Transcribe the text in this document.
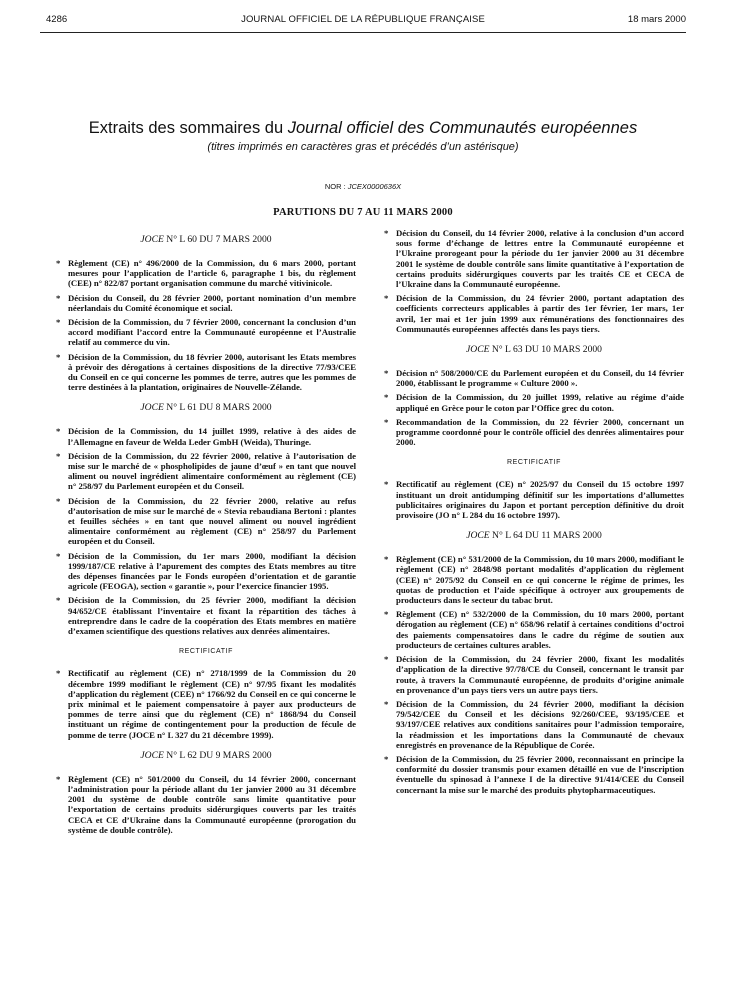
4286	JOURNAL OFFICIEL DE LA RÉPUBLIQUE FRANÇAISE	18 mars 2000
Extraits des sommaires du Journal officiel des Communautés européennes
(titres imprimés en caractères gras et précédés d’un astérisque)
NOR : JCEX0000636X
PARUTIONS DU 7 AU 11 MARS 2000
JOCE N° L 60 DU 7 MARS 2000
* Règlement (CE) n° 496/2000 de la Commission, du 6 mars 2000, portant mesures pour l’application de l’article 6, paragraphe 1 bis, du règlement (CEE) n° 822/87 portant organisation commune du marché vitivinicole.
* Décision du Conseil, du 28 février 2000, portant nomination d’un membre néerlandais du Comité économique et social.
* Décision de la Commission, du 7 février 2000, concernant la conclusion d’un accord modifiant l’accord entre la Communauté européenne et l’Australie relatif au commerce du vin.
* Décision de la Commission, du 18 février 2000, autorisant les Etats membres à prévoir des dérogations à certaines dispositions de la directive 77/93/CEE du Conseil en ce qui concerne les pommes de terre, autres que les pommes de terre destinées à la plantation, originaires de Nouvelle-Zélande.
JOCE N° L 61 DU 8 MARS 2000
* Décision de la Commission, du 14 juillet 1999, relative à des aides de l’Allemagne en faveur de Welda Leder GmbH (Weida), Thuringe.
* Décision de la Commission, du 22 février 2000, relative à l’autorisation de mise sur le marché de « phospholipides de jaune d’œuf » en tant que nouvel aliment ou nouvel ingrédient alimentaire conformément au règlement (CE) n° 258/97 du Parlement européen et du Conseil.
* Décision de la Commission, du 22 février 2000, relative au refus d’autorisation de mise sur le marché de « Stevia rebaudiana Bertoni : plantes et feuilles séchées » en tant que nouvel aliment ou nouvel ingrédient alimentaire conformément au règlement (CE) n° 258/97 du Parlement européen et du Conseil.
* Décision de la Commission, du 1er mars 2000, modifiant la décision 1999/187/CE relative à l’apurement des comptes des Etats membres au titre des dépenses financées par le Fonds européen d’orientation et de garantie agricole (FEOGA), section « garantie », pour l’exercice financier 1995.
* Décision de la Commission, du 25 février 2000, modifiant la décision 94/652/CE établissant l’inventaire et fixant la répartition des tâches à entreprendre dans le cadre de la coopération des Etats membres en matière d’examen scientifique des questions relatives aux denrées alimentaires.
RECTIFICATIF
* Rectificatif au règlement (CE) n° 2718/1999 de la Commission du 20 décembre 1999 modifiant le règlement (CE) n° 97/95 fixant les modalités d’application du règlement (CEE) n° 1766/92 du Conseil en ce qui concerne le prix minimal et le paiement compensatoire à payer aux producteurs de pommes de terre ainsi que du règlement (CE) n° 1868/94 du Conseil instituant un régime de contingentement pour la production de fécule de pomme de terre (JOCE n° L 327 du 21 décembre 1999).
JOCE N° L 62 DU 9 MARS 2000
* Règlement (CE) n° 501/2000 du Conseil, du 14 février 2000, concernant l’administration pour la période allant du 1er janvier 2000 au 31 décembre 2001 du système de double contrôle sans limite quantitative pour l’exportation de certains produits sidérurgiques couverts par les traités CECA et CE d’Ukraine dans la Communauté européenne (prorogation du système de double contrôle).
* Décision du Conseil, du 14 février 2000, relative à la conclusion d’un accord sous forme d’échange de lettres entre la Communauté européenne et l’Ukraine prorogeant pour la période du 1er janvier 2000 au 31 décembre 2001 le système de double contrôle sans limite quantitative à l’exportation de certains produits sidérurgiques couverts par les traités CE et CECA de l’Ukraine dans la Communauté européenne.
* Décision de la Commission, du 24 février 2000, portant adaptation des coefficients correcteurs applicables à partir des 1er février, 1er mars, 1er avril, 1er mai et 1er juin 1999 aux rémunérations des fonctionnaires des Communautés européennes affectés dans les pays tiers.
JOCE N° L 63 DU 10 MARS 2000
* Décision n° 508/2000/CE du Parlement européen et du Conseil, du 14 février 2000, établissant le programme « Culture 2000 ».
* Décision de la Commission, du 20 juillet 1999, relative au régime d’aide appliqué en Grèce pour le coton par l’Office grec du coton.
* Recommandation de la Commission, du 22 février 2000, concernant un programme coordonné pour le contrôle officiel des denrées alimentaires pour 2000.
RECTIFICATIF
* Rectificatif au règlement (CE) n° 2025/97 du Conseil du 15 octobre 1997 instituant un droit antidumping définitif sur les importations d’allumettes publicitaires originaires du Japon et portant perception définitive du droit provisoire (JO n° L 284 du 16 octobre 1997).
JOCE N° L 64 DU 11 MARS 2000
* Règlement (CE) n° 531/2000 de la Commission, du 10 mars 2000, modifiant le règlement (CE) n° 2848/98 portant modalités d’application du règlement (CEE) n° 2075/92 du Conseil en ce qui concerne le régime de primes, les quotas de production et l’aide spécifique à octroyer aux groupements de producteurs dans le secteur du tabac brut.
* Règlement (CE) n° 532/2000 de la Commission, du 10 mars 2000, portant dérogation au règlement (CE) n° 658/96 relatif à certaines conditions d’octroi des paiements compensatoires dans le cadre du régime de soutien aux producteurs de certaines cultures arables.
* Décision de la Commission, du 24 février 2000, fixant les modalités d’application de la directive 97/78/CE du Conseil, concernant le transit par route, à travers la Communauté européenne, de produits d’origine animale en provenance d’un pays tiers vers un autre pays tiers.
* Décision de la Commission, du 24 février 2000, modifiant la décision 79/542/CEE du Conseil et les décisions 92/260/CEE, 93/195/CEE et 93/197/CEE relatives aux conditions sanitaires pour l’admission temporaire, la réadmission et les importations dans la Communauté de chevaux enregistrés en provenance de la République de Corée.
* Décision de la Commission, du 25 février 2000, reconnaissant en principe la conformité du dossier transmis pour examen détaillé en vue de l’inscription éventuelle du spinosad à l’annexe I de la directive 91/414/CEE du Conseil concernant la mise sur le marché des produits phytopharmaceutiques.
